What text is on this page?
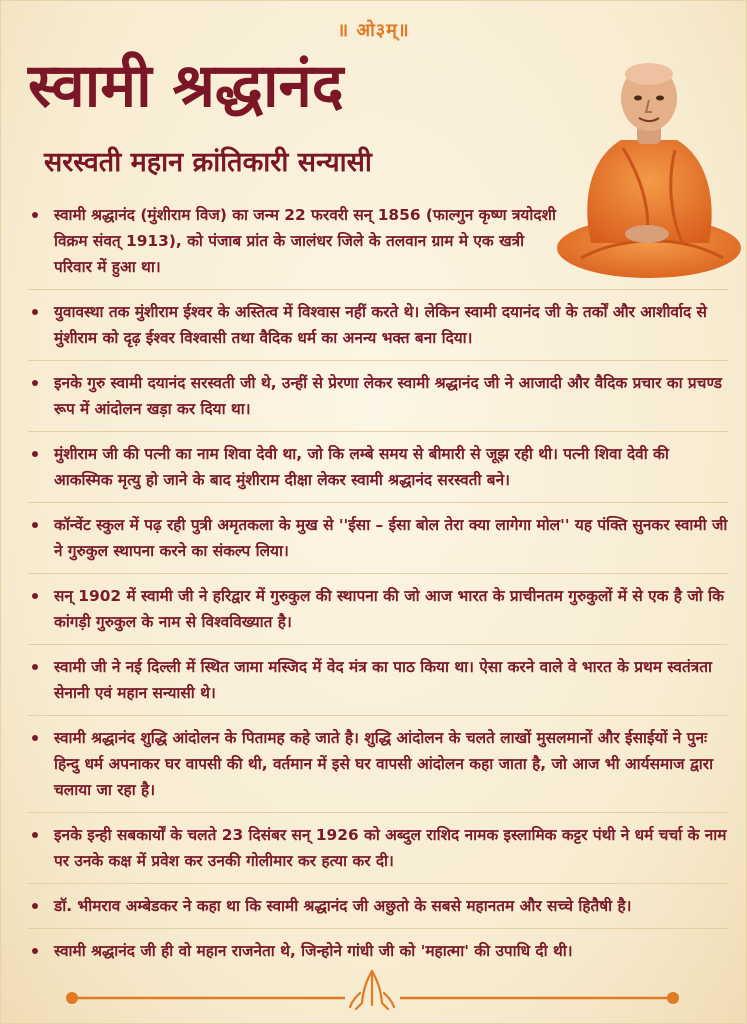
॥ ओ३म्॥
स्वामी श्रद्धानंद
सरस्वती महान क्रांतिकारी सन्यासी
स्वामी श्रद्धानंद (मुंशीराम विज) का जन्म 22 फरवरी सन् 1856 (फाल्गुन कृष्ण त्रयोदशी विक्रम संवत् 1913), को पंजाब प्रांत के जालंधर जिले के तलवान ग्राम मे एक खत्री परिवार में हुआ था।
युवावस्था तक मुंशीराम ईश्वर के अस्तित्व में विश्वास नहीं करते थे। लेकिन स्वामी दयानंद जी के तर्कों और आशीर्वाद से मुंशीराम को दृढ़ ईश्वर विश्वासी तथा वैदिक धर्म का अनन्य भक्त बना दिया।
इनके गुरु स्वामी दयानंद सरस्वती जी थे, उन्हीं से प्रेरणा लेकर स्वामी श्रद्धानंद जी ने आजादी और वैदिक प्रचार का प्रचण्ड रूप में आंदोलन खड़ा कर दिया था।
मुंशीराम जी की पत्नी का नाम शिवा देवी था, जो कि लम्बे समय से बीमारी से जूझ रही थी। पत्नी शिवा देवी की आकस्मिक मृत्यु हो जाने के बाद मुंशीराम दीक्षा लेकर स्वामी श्रद्धानंद सरस्वती बने।
कॉन्वेंट स्कुल में पढ़ रही पुत्री अमृतकला के मुख से ''ईसा – ईसा बोल तेरा क्या लागेगा मोल'' यह पंक्ति सुनकर स्वामी जी ने गुरुकुल स्थापना करने का संकल्प लिया।
सन् 1902 में स्वामी जी ने हरिद्वार में गुरुकुल की स्थापना की जो आज भारत के प्राचीनतम गुरुकुलों में से एक है जो कि कांगड़ी गुरुकुल के नाम से विश्वविख्यात है।
स्वामी जी ने नई दिल्ली में स्थित जामा मस्जिद में वेद मंत्र का पाठ किया था। ऐसा करने वाले वे भारत के प्रथम स्वतंत्रता सेनानी एवं महान सन्यासी थे।
स्वामी श्रद्धानंद शुद्धि आंदोलन के पितामह कहे जाते है। शुद्धि आंदोलन के चलते लाखों मुसलमानों और ईसाईयों ने पुनः हिन्दु धर्म अपनाकर घर वापसी की थी, वर्तमान में इसे घर वापसी आंदोलन कहा जाता है, जो आज भी आर्यसमाज द्वारा चलाया जा रहा है।
इनके इन्ही सबकार्यों के चलते 23 दिसंबर सन् 1926 को अब्दुल राशिद नामक इस्लामिक कट्टर पंथी ने धर्म चर्चा के नाम पर उनके कक्ष में प्रवेश कर उनकी गोलीमार कर हत्या कर दी।
डॉ. भीमराव अम्बेडकर ने कहा था कि स्वामी श्रद्धानंद जी अछुतो के सबसे महानतम और सच्चे हितैषी है।
स्वामी श्रद्धानंद जी ही वो महान राजनेता थे, जिन्होने गांधी जी को 'महात्मा' की उपाधि दी थी।
